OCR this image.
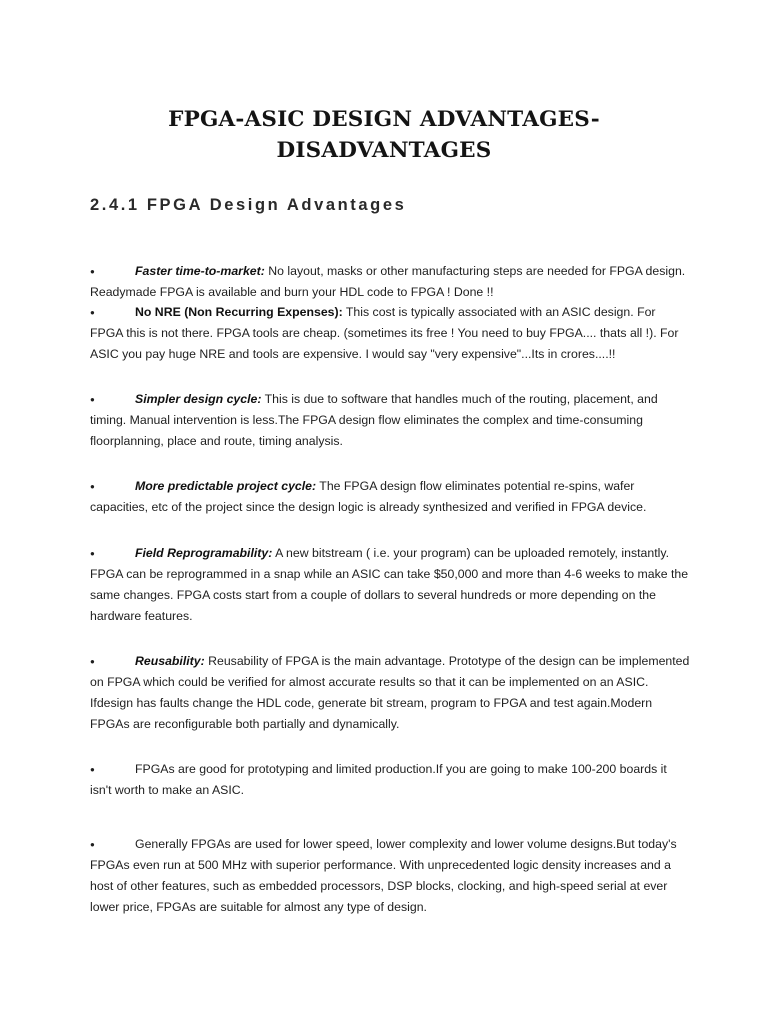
FPGA-ASIC DESIGN ADVANTAGES-
DISADVANTAGES
2.4.1 FPGA Design Advantages

●	Faster time-to-market: No layout, masks or other manufacturing steps are needed for FPGA design. Readymade FPGA is available and burn your HDL code to FPGA ! Done !!

●	No NRE (Non Recurring Expenses): This cost is typically associated with an ASIC design. For FPGA this is not there. FPGA tools are cheap. (sometimes its free ! You need to buy FPGA.... thats all !). For ASIC you pay huge NRE and tools are expensive. I would say "very expensive"...Its in crores....!!

●	Simpler design cycle: This is due to software that handles much of the routing, placement, and timing. Manual intervention is less.The FPGA design flow eliminates the complex and time-consuming floorplanning, place and route, timing analysis.

●	More predictable project cycle: The FPGA design flow eliminates potential re-spins, wafer capacities, etc of the project since the design logic is already synthesized and verified in FPGA device.

●	Field Reprogramability: A new bitstream ( i.e. your program) can be uploaded remotely, instantly. FPGA can be reprogrammed in a snap while an ASIC can take $50,000 and more than 4-6 weeks to make the same changes. FPGA costs start from a couple of dollars to several hundreds or more depending on the hardware features.

●	Reusability: Reusability of FPGA is the main advantage. Prototype of the design can be implemented on FPGA which could be verified for almost accurate results so that it can be implemented on an ASIC. Ifdesign has faults change the HDL code, generate bit stream, program to FPGA and test again.Modern FPGAs are reconfigurable both partially and dynamically.

●	FPGAs are good for prototyping and limited production.If you are going to make 100-200 boards it isn't worth to make an ASIC.

●	Generally FPGAs are used for lower speed, lower complexity and lower volume designs.But today's FPGAs even run at 500 MHz with superior performance. With unprecedented logic density increases and a host of other features, such as embedded processors, DSP blocks, clocking, and high-speed serial at ever lower price, FPGAs are suitable for almost any type of design.
